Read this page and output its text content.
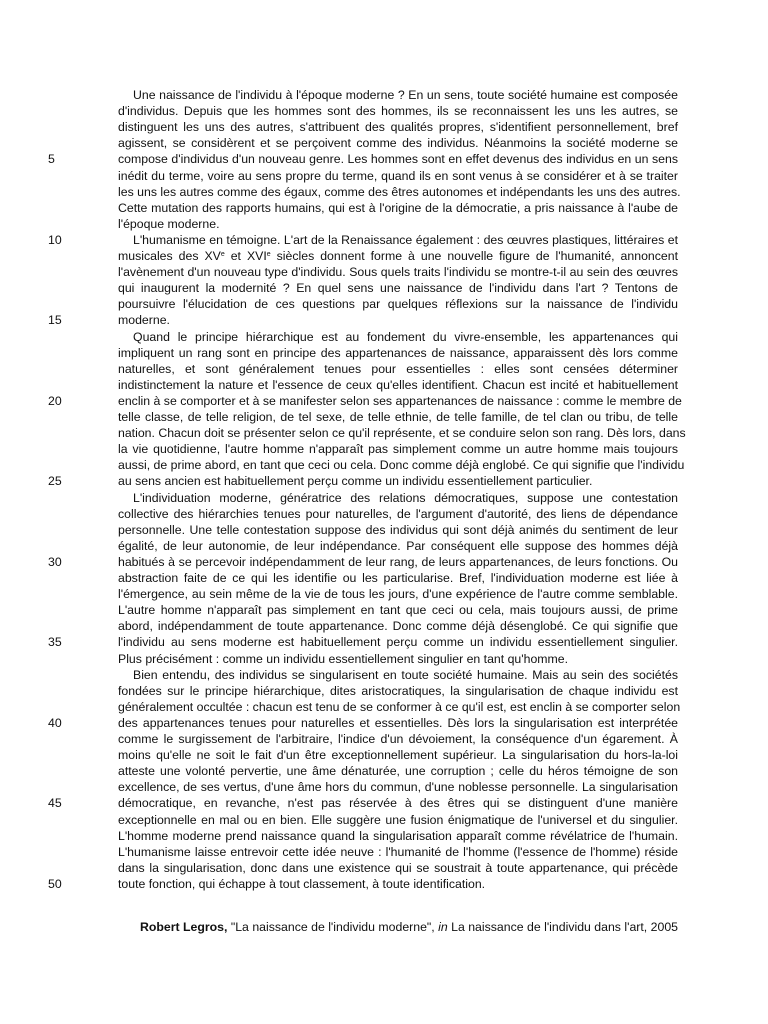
Une naissance de l'individu à l'époque moderne ? En un sens, toute société humaine est composée
d'individus. Depuis que les hommes sont des hommes, ils se reconnaissent les uns les autres, se
distinguent les uns des autres, s'attribuent des qualités propres, s'identifient personnellement, bref
agissent, se considèrent et se perçoivent comme des individus. Néanmoins la société moderne se
compose d'individus d'un nouveau genre. Les hommes sont en effet devenus des individus en un sens
inédit du terme, voire au sens propre du terme, quand ils en sont venus à se considérer et à se traiter
les uns les autres comme des égaux, comme des êtres autonomes et indépendants les uns des autres.
Cette mutation des rapports humains, qui est à l'origine de la démocratie, a pris naissance à l'aube de
l'époque moderne.
L'humanisme en témoigne. L'art de la Renaissance également : des œuvres plastiques, littéraires et
musicales des XVe et XVIe siècles donnent forme à une nouvelle figure de l'humanité, annoncent
l'avènement d'un nouveau type d'individu. Sous quels traits l'individu se montre-t-il au sein des œuvres
qui inaugurent la modernité ? En quel sens une naissance de l'individu dans l'art ? Tentons de
poursuivre l'élucidation de ces questions par quelques réflexions sur la naissance de l'individu
moderne.
Quand le principe hiérarchique est au fondement du vivre-ensemble, les appartenances qui
impliquent un rang sont en principe des appartenances de naissance, apparaissent dès lors comme
naturelles, et sont généralement tenues pour essentielles : elles sont censées déterminer
indistinctement la nature et l'essence de ceux qu'elles identifient. Chacun est incité et habituellement
enclin à se comporter et à se manifester selon ses appartenances de naissance : comme le membre de
telle classe, de telle religion, de tel sexe, de telle ethnie, de telle famille, de tel clan ou tribu, de telle
nation. Chacun doit se présenter selon ce qu'il représente, et se conduire selon son rang. Dès lors, dans
la vie quotidienne, l'autre homme n'apparaît pas simplement comme un autre homme mais toujours
aussi, de prime abord, en tant que ceci ou cela. Donc comme déjà englobé. Ce qui signifie que l'individu
au sens ancien est habituellement perçu comme un individu essentiellement particulier.
L'individuation moderne, génératrice des relations démocratiques, suppose une contestation
collective des hiérarchies tenues pour naturelles, de l'argument d'autorité, des liens de dépendance
personnelle. Une telle contestation suppose des individus qui sont déjà animés du sentiment de leur
égalité, de leur autonomie, de leur indépendance. Par conséquent elle suppose des hommes déjà
habitués à se percevoir indépendamment de leur rang, de leurs appartenances, de leurs fonctions. Ou
abstraction faite de ce qui les identifie ou les particularise. Bref, l'individuation moderne est liée à
l'émergence, au sein même de la vie de tous les jours, d'une expérience de l'autre comme semblable.
L'autre homme n'apparaît pas simplement en tant que ceci ou cela, mais toujours aussi, de prime
abord, indépendamment de toute appartenance. Donc comme déjà désenglobé. Ce qui signifie que
l'individu au sens moderne est habituellement perçu comme un individu essentiellement singulier.
Plus précisément : comme un individu essentiellement singulier en tant qu'homme.
Bien entendu, des individus se singularisent en toute société humaine. Mais au sein des sociétés
fondées sur le principe hiérarchique, dites aristocratiques, la singularisation de chaque individu est
généralement occultée : chacun est tenu de se conformer à ce qu'il est, est enclin à se comporter selon
des appartenances tenues pour naturelles et essentielles. Dès lors la singularisation est interprétée
comme le surgissement de l'arbitraire, l'indice d'un dévoiement, la conséquence d'un égarement. À
moins qu'elle ne soit le fait d'un être exceptionnellement supérieur. La singularisation du hors-la-loi
atteste une volonté pervertie, une âme dénaturée, une corruption ; celle du héros témoigne de son
excellence, de ses vertus, d'une âme hors du commun, d'une noblesse personnelle. La singularisation
démocratique, en revanche, n'est pas réservée à des êtres qui se distinguent d'une manière
exceptionnelle en mal ou en bien. Elle suggère une fusion énigmatique de l'universel et du singulier.
L'homme moderne prend naissance quand la singularisation apparaît comme révélatrice de l'humain.
L'humanisme laisse entrevoir cette idée neuve : l'humanité de l'homme (l'essence de l'homme) réside
dans la singularisation, donc dans une existence qui se soustrait à toute appartenance, qui précède
toute fonction, qui échappe à tout classement, à toute identification.
5
10
15
20
25
30
35
40
45
50
Robert Legros, "La naissance de l'individu moderne", in La naissance de l'individu dans l'art, 2005
